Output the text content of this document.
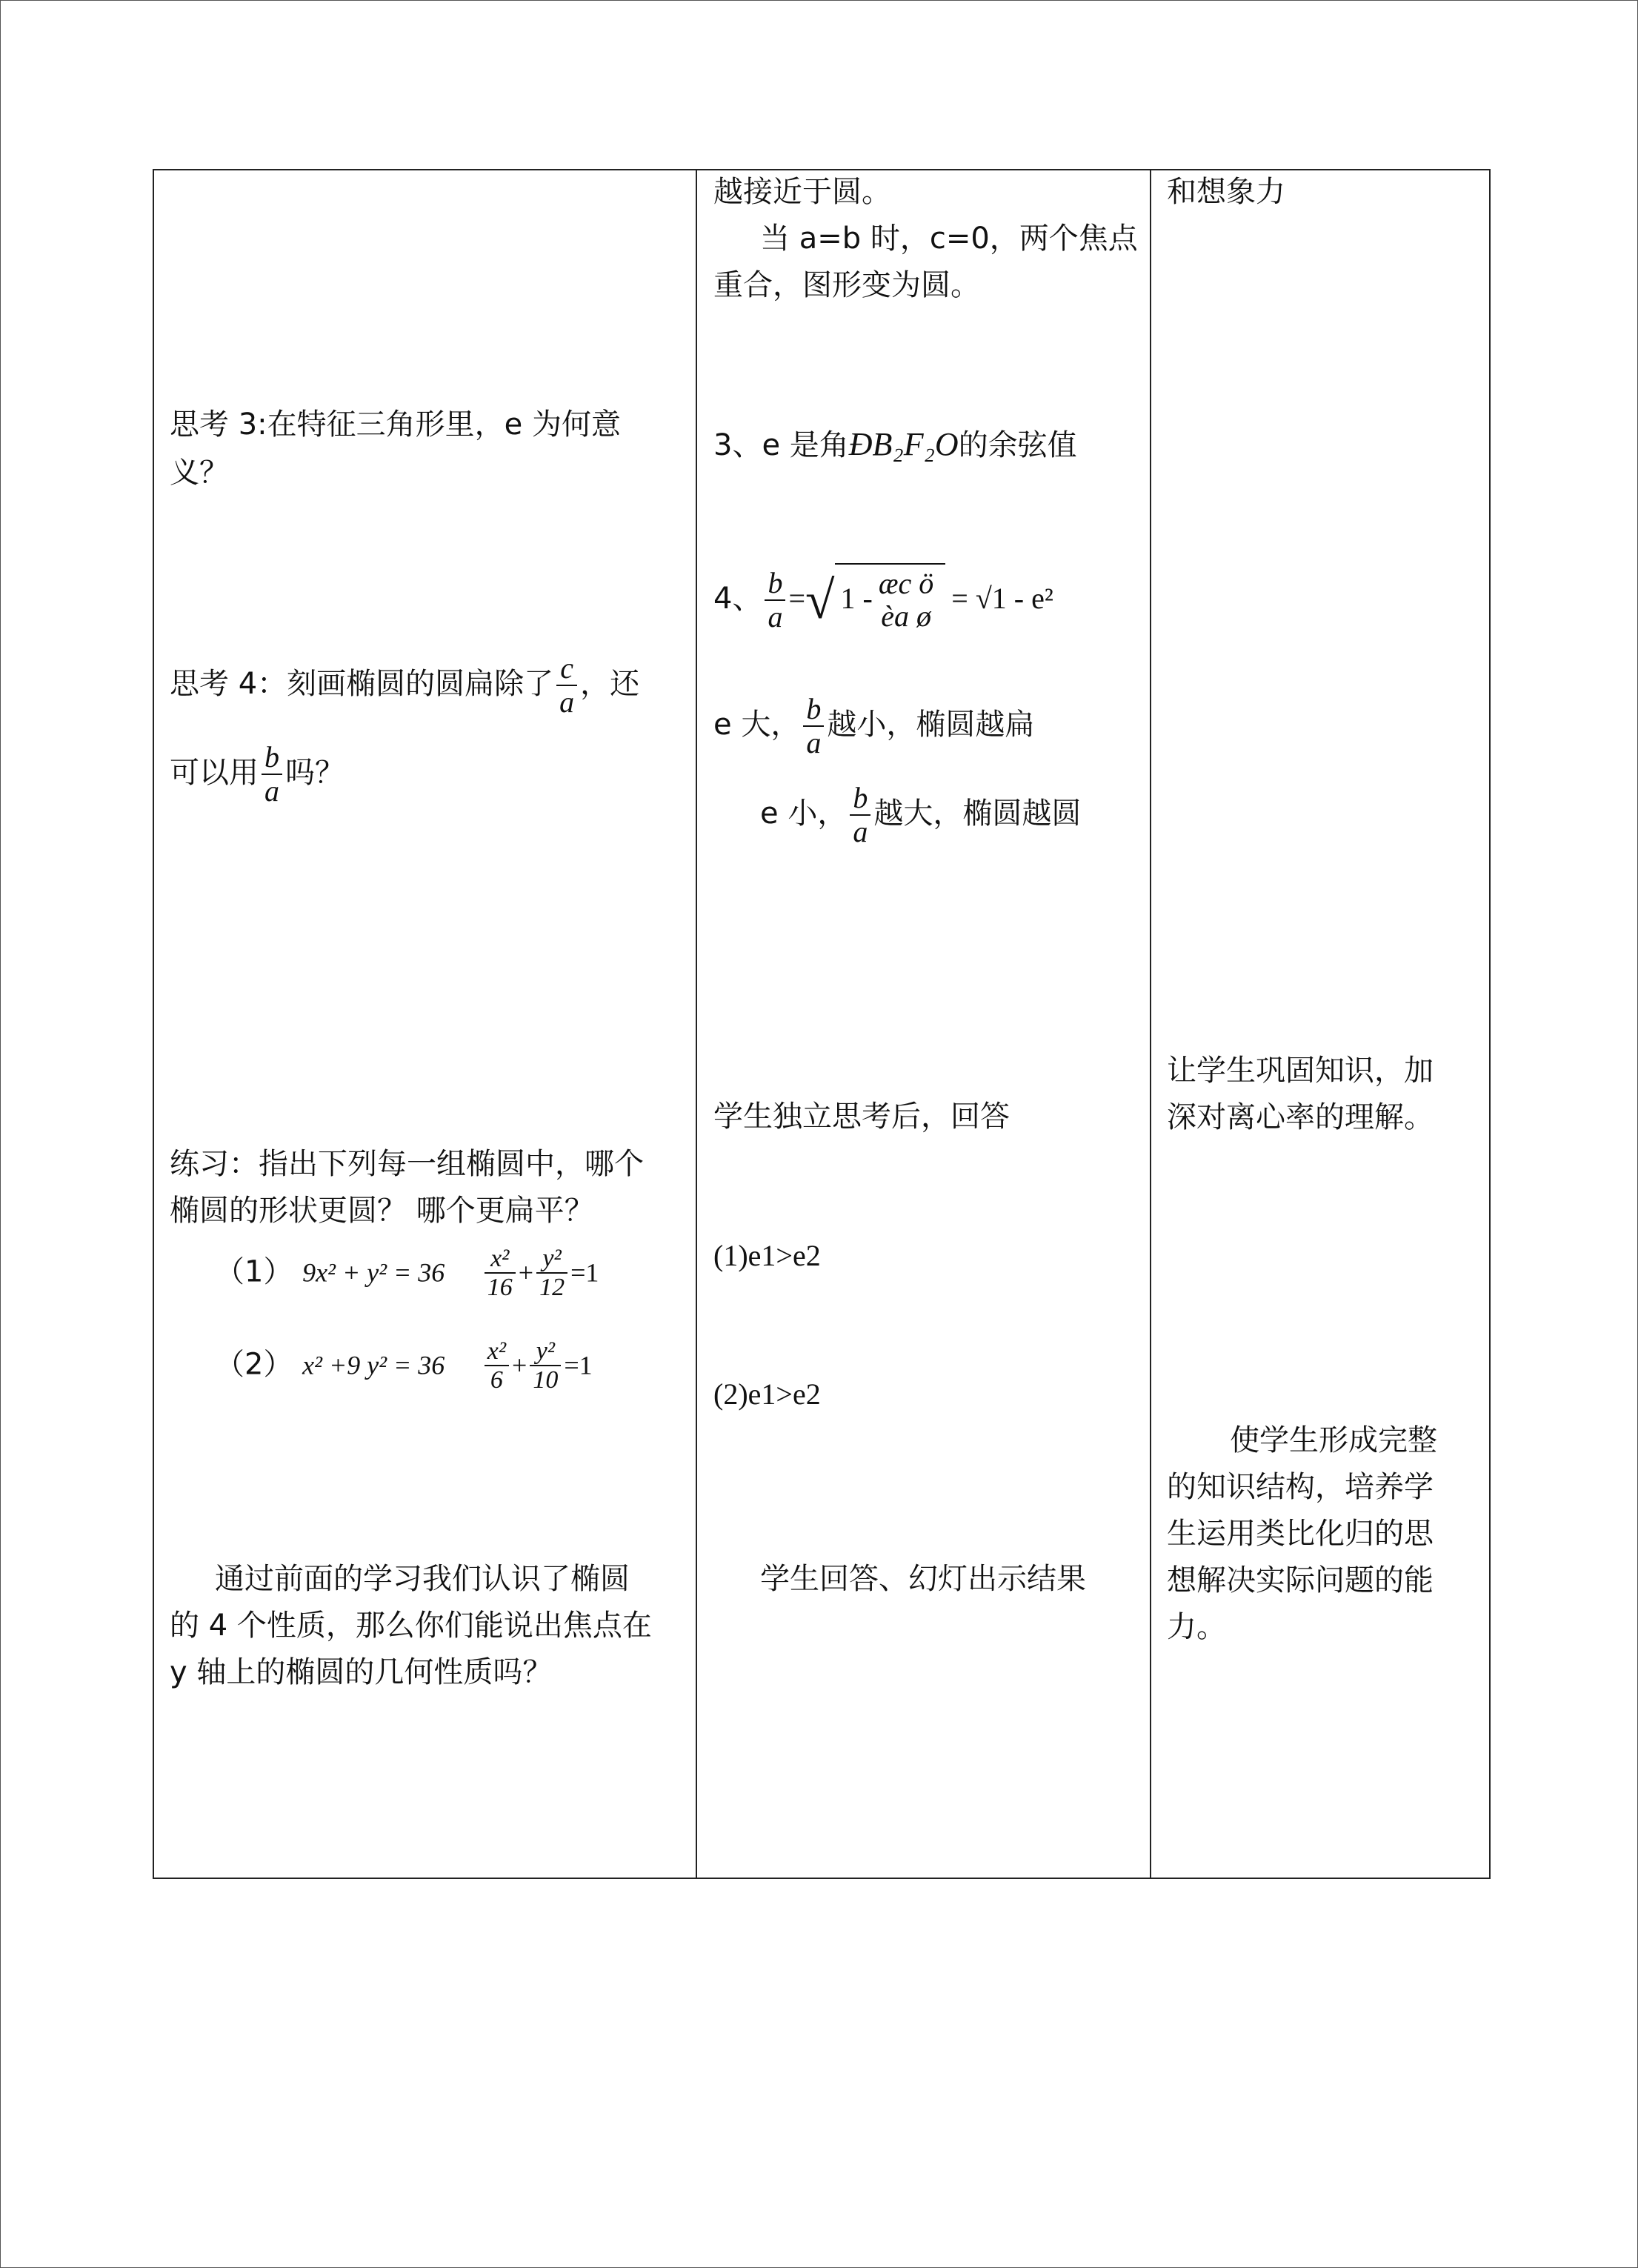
思考 3:在特征三角形里，e 为何意
义？
思考 4：刻画椭圆的圆扁除了 $\frac{c}{a}$ ，还
可以用 $\frac{b}{a}$ 吗？
练习：指出下列每一组椭圆中，哪个
椭圆的形状更圆？ 哪个更扁平？
（1） $9x^2 + y^2 = 36 \frac{\text{x²}}{16} + \frac{\text{y²}}{12} =1$
（2） x² +9 $y^2 = 36 \frac{\text{x²}}{6} + \frac{\text{y²}}{10} =1$
通过前面的学习我们认识了椭圆
的 4 个性质，那么你们能说出焦点在
y 轴上的椭圆的几何性质吗？
越接近于圆。
当 a=b 时，c=0，两个焦点
重合，图形变为圆。
3、e 是角ÐB₂F₂O的余弦值
4、 $\frac{b}{a}$ =√ 1 - æc ö
èa ø
= √1 - e²
e 大， $\frac{b}{a}$ 越小，椭圆越扁
e 小， $\frac{b}{a}$ 越大，椭圆越圆
学生独立思考后，回答
(1)e1>e2
(2)e1>e2
学生回答、幻灯出示结果
和想象力
让学生巩固知识，加
深对离心率的理解。
使学生形成完整
的知识结构，培养学
生运用类比化归的思
想解决实际问题的能
力。
